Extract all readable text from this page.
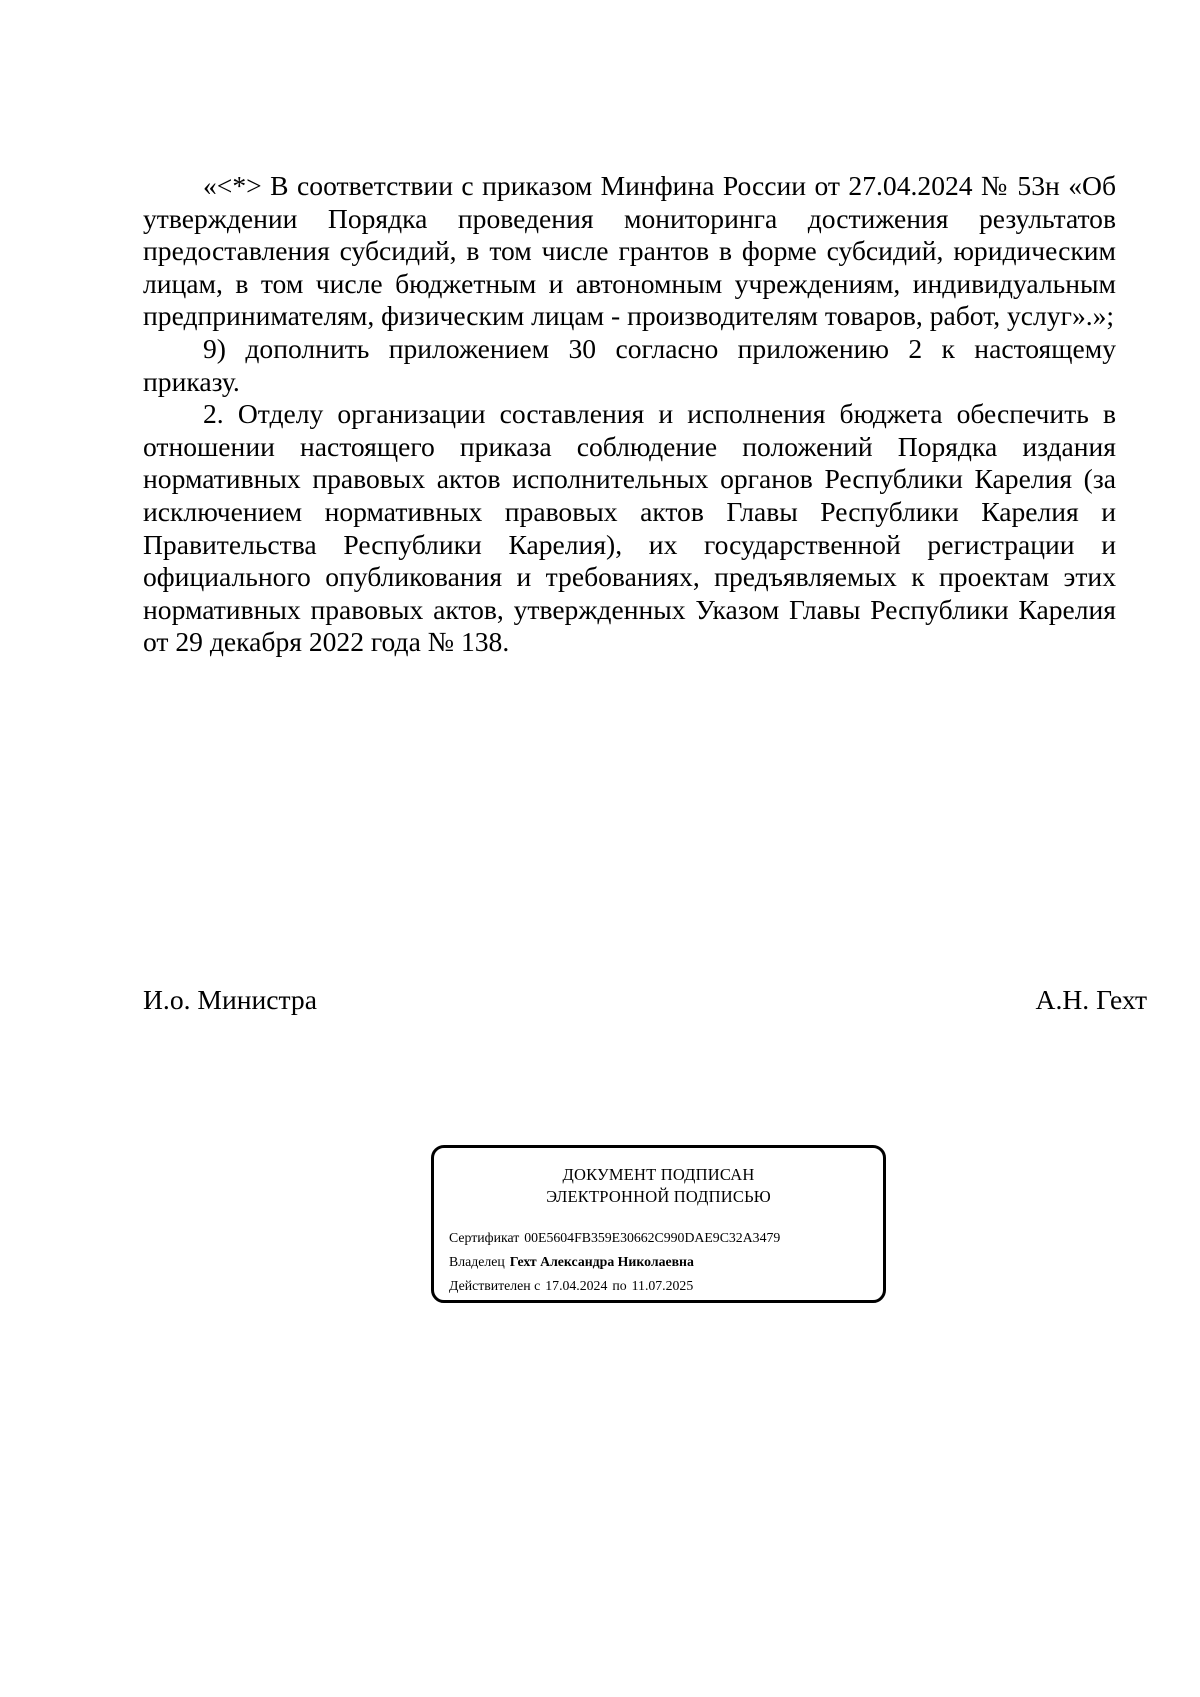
«<*> В соответствии с приказом Минфина России от 27.04.2024 № 53н «Об утверждении Порядка проведения мониторинга достижения результатов предоставления субсидий, в том числе грантов в форме субсидий, юридическим лицам, в том числе бюджетным и автономным учреждениям, индивидуальным предпринимателям, физическим лицам - производителям товаров, работ, услуг».»;

9) дополнить приложением 30 согласно приложению 2 к настоящему приказу.

2. Отделу организации составления и исполнения бюджета обеспечить в отношении настоящего приказа соблюдение положений Порядка издания нормативных правовых актов исполнительных органов Республики Карелия (за исключением нормативных правовых актов Главы Республики Карелия и Правительства Республики Карелия), их государственной регистрации и официального опубликования и требованиях, предъявляемых к проектам этих нормативных правовых актов, утвержденных Указом Главы Республики Карелия от 29 декабря 2022 года № 138.

И.о. Министра	А.Н. Гехт
ДОКУМЕНТ ПОДПИСАН
ЭЛЕКТРОННОЙ ПОДПИСЬЮ
Сертификат 00E5604FB359E30662C990DAE9C32A3479
Владелец Гехт Александра Николаевна
Действителен с 17.04.2024 по 11.07.2025
